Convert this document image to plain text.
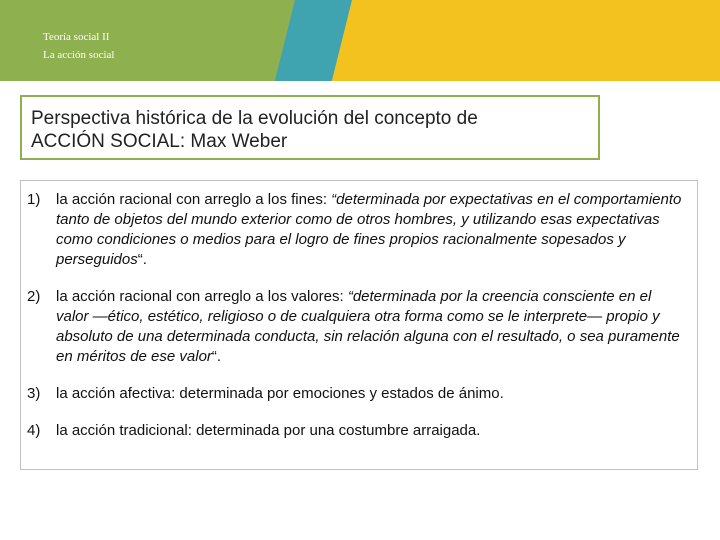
Teoría social II
La acción social
Perspectiva histórica de la evolución del concepto de
ACCIÓN SOCIAL: Max Weber
1) la acción racional con arreglo a los fines: “determinada por expectativas en el comportamiento tanto de objetos del mundo exterior como de otros hombres, y utilizando esas expectativas como condiciones o medios para el logro de fines propios racionalmente sopesados y perseguidos“.

2) la acción racional con arreglo a los valores: “determinada por la creencia consciente en el valor —ético, estético, religioso o de cualquiera otra forma como se le interprete— propio y absoluto de una determinada conducta, sin relación alguna con el resultado, o sea puramente en méritos de ese valor“.

3) la acción afectiva: determinada por emociones y estados de ánimo.

4) la acción tradicional: determinada por una costumbre arraigada.
